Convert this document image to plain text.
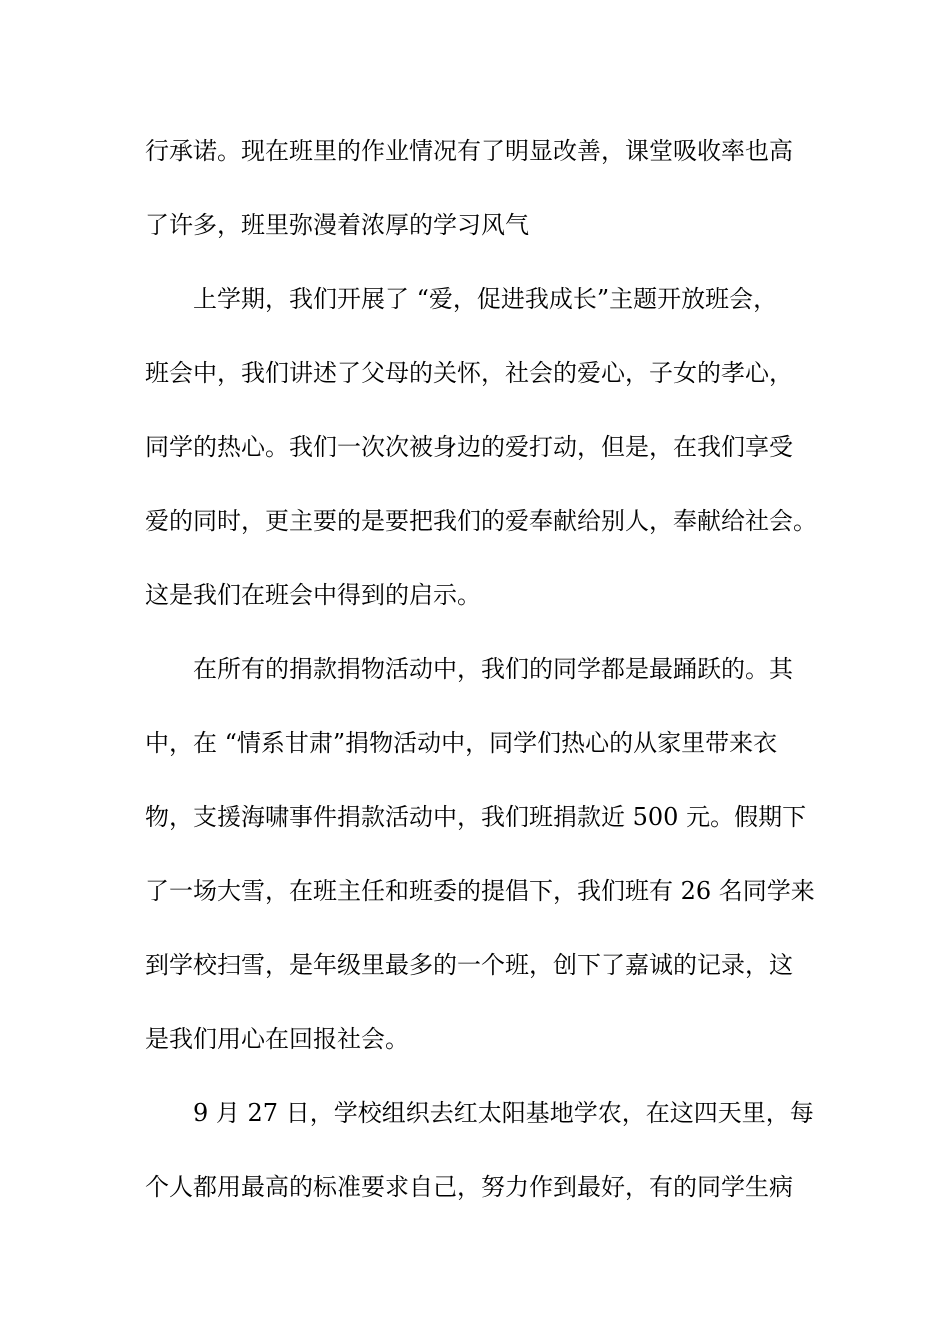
行承诺。现在班里的作业情况有了明显改善，课堂吸收率也高
了许多，班里弥漫着浓厚的学习风气
上学期，我们开展了 “爱，促进我成长”主题开放班会，
班会中，我们讲述了父母的关怀，社会的爱心，子女的孝心，
同学的热心。我们一次次被身边的爱打动，但是，在我们享受
爱的同时，更主要的是要把我们的爱奉献给别人，奉献给社会。
这是我们在班会中得到的启示。
在所有的捐款捐物活动中，我们的同学都是最踊跃的。其
中，在 “情系甘肃”捐物活动中，同学们热心的从家里带来衣
物，支援海啸事件捐款活动中，我们班捐款近 500 元。假期下
了一场大雪，在班主任和班委的提倡下，我们班有 26 名同学来
到学校扫雪，是年级里最多的一个班，创下了嘉诚的记录，这
是我们用心在回报社会。
9 月 27 日，学校组织去红太阳基地学农，在这四天里，每
个人都用最高的标准要求自己，努力作到最好，有的同学生病
